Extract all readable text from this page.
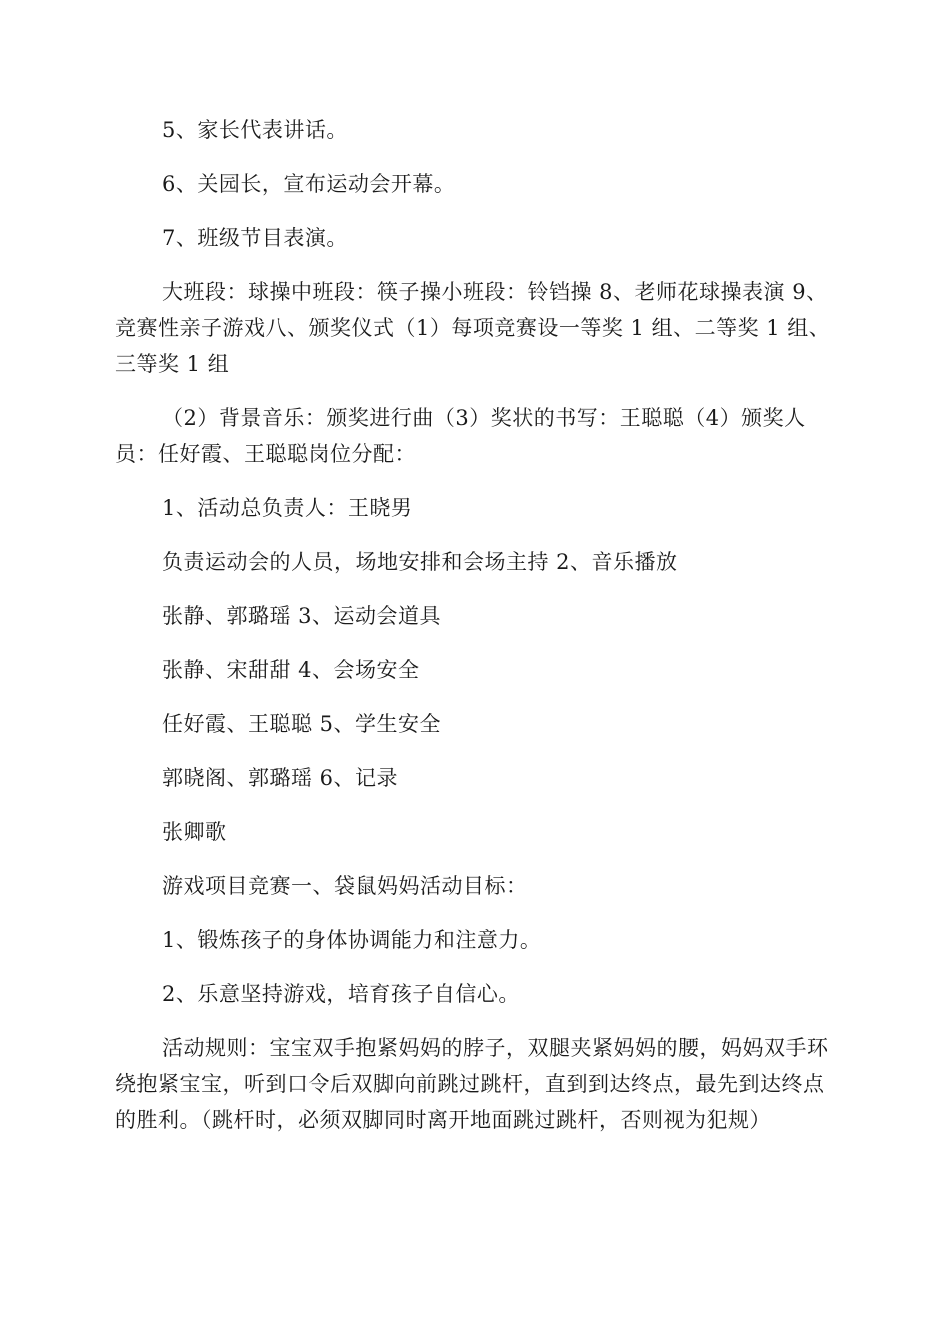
5、家长代表讲话。

6、关园长，宣布运动会开幕。

7、班级节目表演。

大班段：球操中班段：筷子操小班段：铃铛操 8、老师花球操表演 9、竞赛性亲子游戏八、颁奖仪式（1）每项竞赛设一等奖 1 组、二等奖 1 组、三等奖 1 组

（2）背景音乐：颁奖进行曲（3）奖状的书写：王聪聪（4）颁奖人员：任好霞、王聪聪岗位分配：

1、活动总负责人：王晓男

负责运动会的人员，场地安排和会场主持 2、音乐播放

张静、郭璐瑶 3、运动会道具

张静、宋甜甜 4、会场安全

任好霞、王聪聪 5、学生安全

郭晓阁、郭璐瑶 6、记录

张卿歌

游戏项目竞赛一、袋鼠妈妈活动目标：

1、锻炼孩子的身体协调能力和注意力。

2、乐意坚持游戏，培育孩子自信心。

活动规则：宝宝双手抱紧妈妈的脖子，双腿夹紧妈妈的腰，妈妈双手环绕抱紧宝宝，听到口令后双脚向前跳过跳杆，直到到达终点，最先到达终点的胜利。（跳杆时，必须双脚同时离开地面跳过跳杆，否则视为犯规）
